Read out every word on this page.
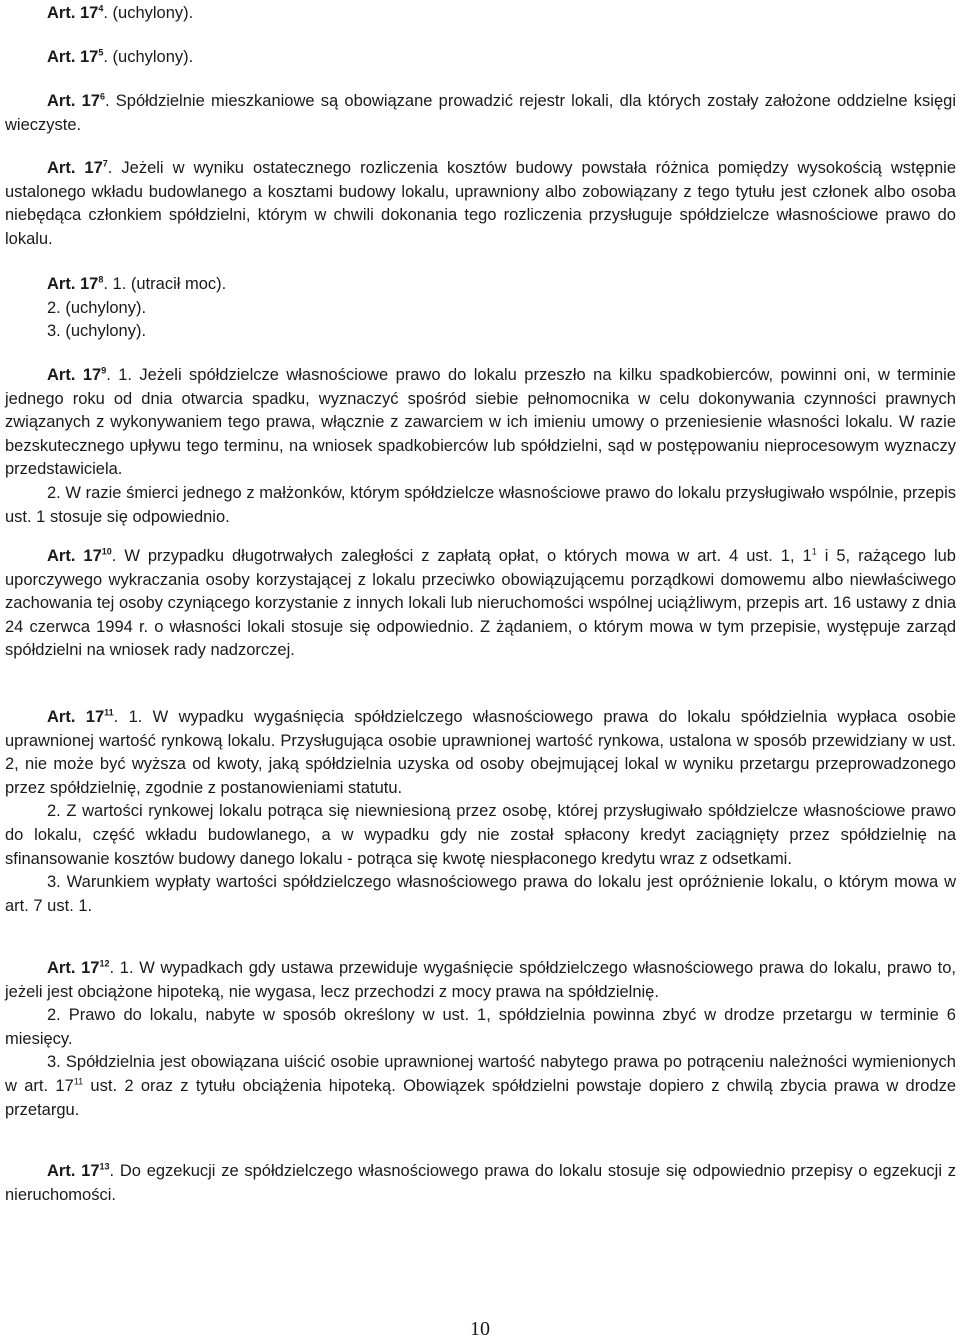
Art. $17^4$. (uchylony).

Art. $17^5$. (uchylony).

Art. $17^6$. Spółdzielnie mieszkaniowe są obowiązane prowadzić rejestr lokali, dla których zostały założone oddzielne księgi wieczyste.

Art. $17^7$. Jeżeli w wyniku ostatecznego rozliczenia kosztów budowy powstała różnica pomiędzy wysokością wstępnie ustalonego wkładu budowlanego a kosztami budowy lokalu, uprawniony albo zobowiązany z tego tytułu jest członek albo osoba niebędąca członkiem spółdzielni, którym w chwili dokonania tego rozliczenia przysługuje spółdzielcze własnościowe prawo do lokalu.

Art. $17^8$. 1. (utracił moc).

2. (uchylony).

3. (uchylony).

Art. $17^9$. 1. Jeżeli spółdzielcze własnościowe prawo do lokalu przeszło na kilku spadkobierców, powinni oni, w terminie jednego roku od dnia otwarcia spadku, wyznaczyć spośród siebie pełnomocnika w celu dokonywania czynności prawnych związanych z wykonywaniem tego prawa, włącznie z zawarciem w ich imieniu umowy o przeniesienie własności lokalu. W razie bezskutecznego upływu tego terminu, na wniosek spadkobierców lub spółdzielni, sąd w postępowaniu nieprocesowym wyznaczy przedstawiciela.

2. W razie śmierci jednego z małżonków, którym spółdzielcze własnościowe prawo do lokalu przysługiwało wspólnie, przepis ust. 1 stosuje się odpowiednio.

Art. $17^{10}$. W przypadku długotrwałych zaległości z zapłatą opłat, o których mowa w art. 4 ust. 1, $1^1$ i 5, rażącego lub uporczywego wykraczania osoby korzystającej z lokalu przeciwko obowiązującemu porządkowi domowemu albo niewłaściwego zachowania tej osoby czyniącego korzystanie z innych lokali lub nieruchomości wspólnej uciążliwym, przepis art. 16 ustawy z dnia 24 czerwca 1994 r. o własności lokali stosuje się odpowiednio. Z żądaniem, o którym mowa w tym przepisie, występuje zarząd spółdzielni na wniosek rady nadzorczej.

Art. $17^{11}$. 1. W wypadku wygaśnięcia spółdzielczego własnościowego prawa do lokalu spółdzielnia wypłaca osobie uprawnionej wartość rynkową lokalu. Przysługująca osobie uprawnionej wartość rynkowa, ustalona w sposób przewidziany w ust. 2, nie może być wyższa od kwoty, jaką spółdzielnia uzyska od osoby obejmującej lokal w wyniku przetargu przeprowadzonego przez spółdzielnię, zgodnie z postanowieniami statutu.

2. Z wartości rynkowej lokalu potrąca się niewniesioną przez osobę, której przysługiwało spółdzielcze własnościowe prawo do lokalu, część wkładu budowlanego, a w wypadku gdy nie został spłacony kredyt zaciągnięty przez spółdzielnię na sfinansowanie kosztów budowy danego lokalu - potrąca się kwotę niespłaconego kredytu wraz z odsetkami.

3. Warunkiem wypłaty wartości spółdzielczego własnościowego prawa do lokalu jest opróżnienie lokalu, o którym mowa w art. 7 ust. 1.

Art. $17^{12}$. 1. W wypadkach gdy ustawa przewiduje wygaśnięcie spółdzielczego własnościowego prawa do lokalu, prawo to, jeżeli jest obciążone hipoteką, nie wygasa, lecz przechodzi z mocy prawa na spółdzielnię.

2. Prawo do lokalu, nabyte w sposób określony w ust. 1, spółdzielnia powinna zbyć w drodze przetargu w terminie 6 miesięcy.

3. Spółdzielnia jest obowiązana uiścić osobie uprawnionej wartość nabytego prawa po potrąceniu należności wymienionych w art. $17^{11}$ ust. 2 oraz z tytułu obciążenia hipoteką. Obowiązek spółdzielni powstaje dopiero z chwilą zbycia prawa w drodze przetargu.

Art. $17^{13}$. Do egzekucji ze spółdzielczego własnościowego prawa do lokalu stosuje się odpowiednio przepisy o egzekucji z nieruchomości.

10
